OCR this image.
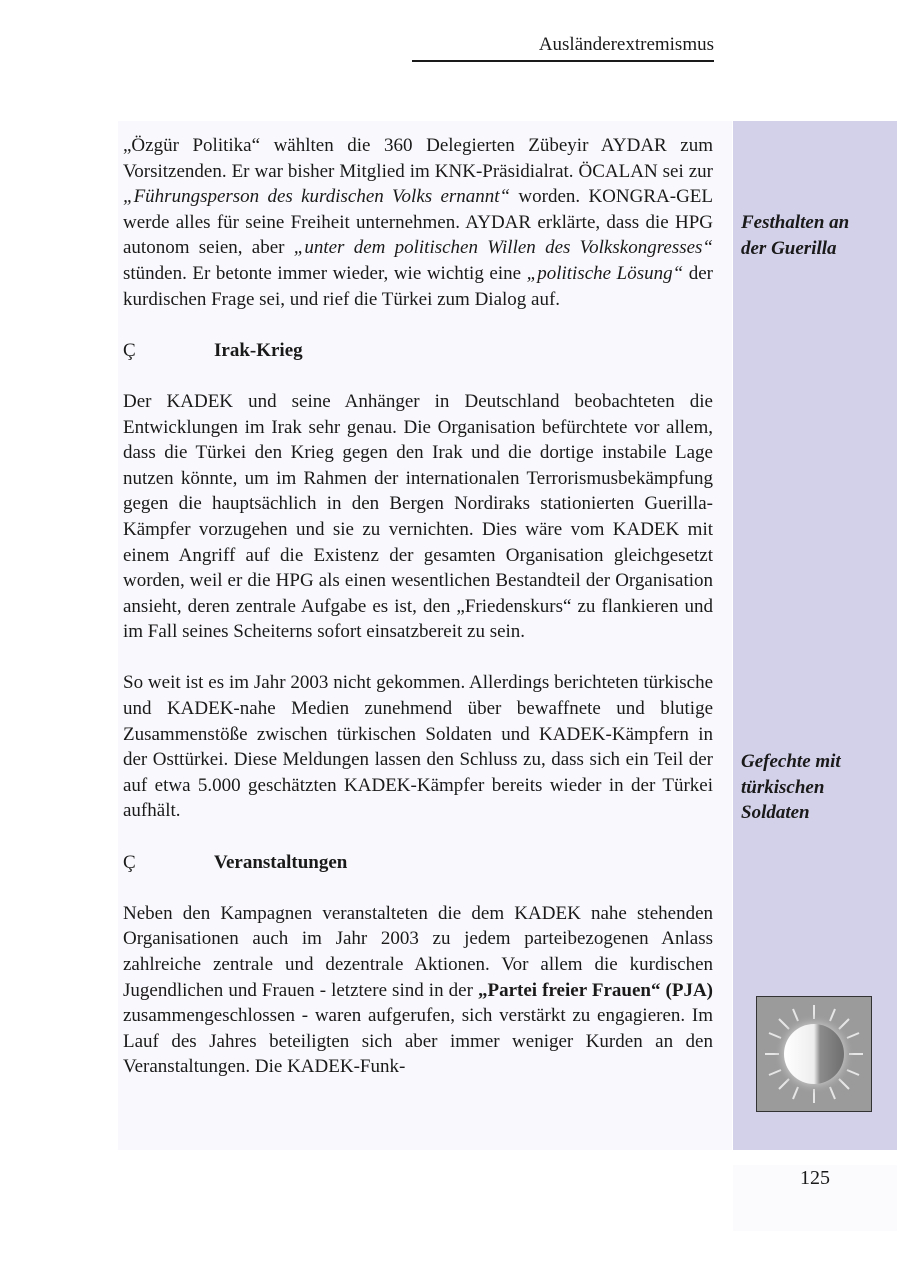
Ausländerextremismus

„Özgür Politika“ wählten die 360 Delegierten Zübeyir AYDAR zum Vorsitzenden. Er war bisher Mitglied im KNK-Präsidialrat. ÖCALAN sei zur „Führungsperson des kurdischen Volks ernannt“ worden. KONGRA-GEL werde alles für seine Freiheit unternehmen. AYDAR erklärte, dass die HPG autonom seien, aber „unter dem politischen Willen des Volkskongresses“ stünden. Er betonte immer wieder, wie wichtig eine „politische Lösung“ der kurdischen Frage sei, und rief die Türkei zum Dialog auf.

Ç	Irak-Krieg

Der KADEK und seine Anhänger in Deutschland beobachteten die Entwicklungen im Irak sehr genau. Die Organisation befürchtete vor allem, dass die Türkei den Krieg gegen den Irak und die dortige instabile Lage nutzen könnte, um im Rahmen der internationalen Terrorismusbekämpfung gegen die hauptsächlich in den Bergen Nordiraks stationierten Guerilla-Kämpfer vorzugehen und sie zu vernichten. Dies wäre vom KADEK mit einem Angriff auf die Existenz der gesamten Organisation gleichgesetzt worden, weil er die HPG als einen wesentlichen Bestandteil der Organisation ansieht, deren zentrale Aufgabe es ist, den „Friedenskurs“ zu flankieren und im Fall seines Scheiterns sofort einsatzbereit zu sein.

So weit ist es im Jahr 2003 nicht gekommen. Allerdings berichteten türkische und KADEK-nahe Medien zunehmend über bewaffnete und blutige Zusammenstöße zwischen türkischen Soldaten und KADEK-Kämpfern in der Osttürkei. Diese Meldungen lassen den Schluss zu, dass sich ein Teil der auf etwa 5.000 geschätzten KADEK-Kämpfer bereits wieder in der Türkei aufhält.

Ç	Veranstaltungen

Neben den Kampagnen veranstalteten die dem KADEK nahe stehenden Organisationen auch im Jahr 2003 zu jedem parteibezogenen Anlass zahlreiche zentrale und dezentrale Aktionen. Vor allem die kurdischen Jugendlichen und Frauen - letztere sind in der „Partei freier Frauen“ (PJA) zusammengeschlossen - waren aufgerufen, sich verstärkt zu engagieren. Im Lauf des Jahres beteiligten sich aber immer weniger Kurden an den Veranstaltungen. Die KADEK-Funk-

Festhalten an
der Guerilla
Gefechte mit
türkischen
Soldaten
125
